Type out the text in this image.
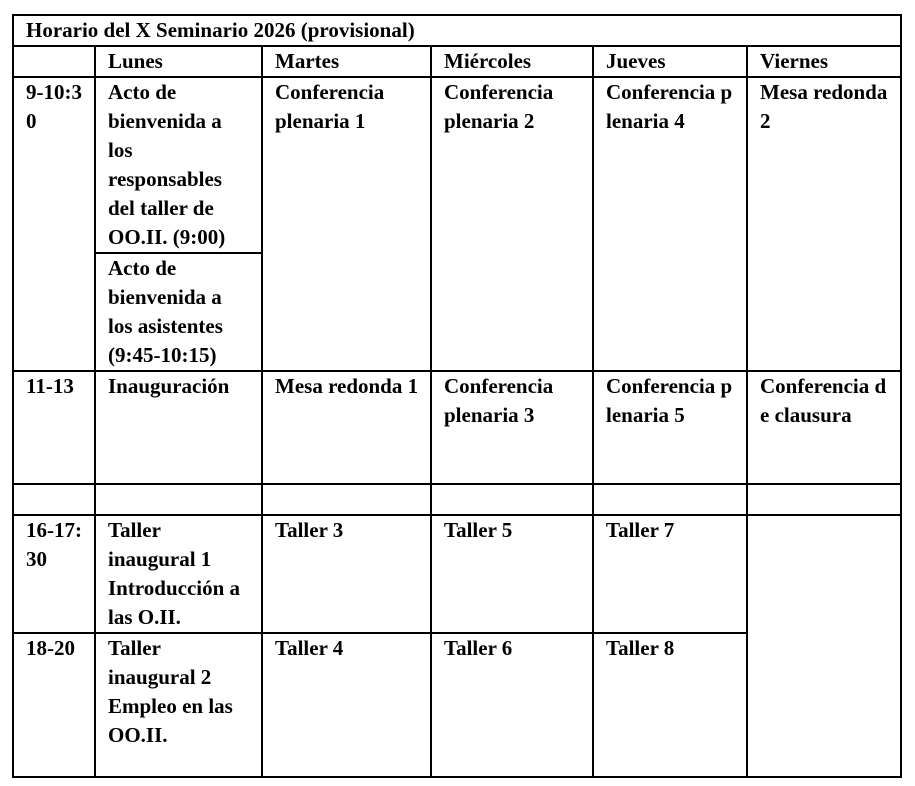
Horario del X Seminario 2026 (provisional)					
	Lunes	Martes	Miércoles	Jueves	Viernes
9-10:30	Acto de bienvenida a los responsables del taller de OO.II. (9:00)	Conferencia plenaria 1	Conferencia plenaria 2	Conferencia plenaria 4	Mesa redonda 2
	Acto de bienvenida a los asistentes (9:45-10:15)				
11-13	Inauguración	Mesa redonda 1	Conferencia plenaria 3	Conferencia plenaria 5	Conferencia de clausura

16-17:30	Taller inaugural 1 Introducción a las O.II.	Taller 3	Taller 5	Taller 7	
18-20	Taller inaugural 2 Empleo en las OO.II.	Taller 4	Taller 6	Taller 8	
